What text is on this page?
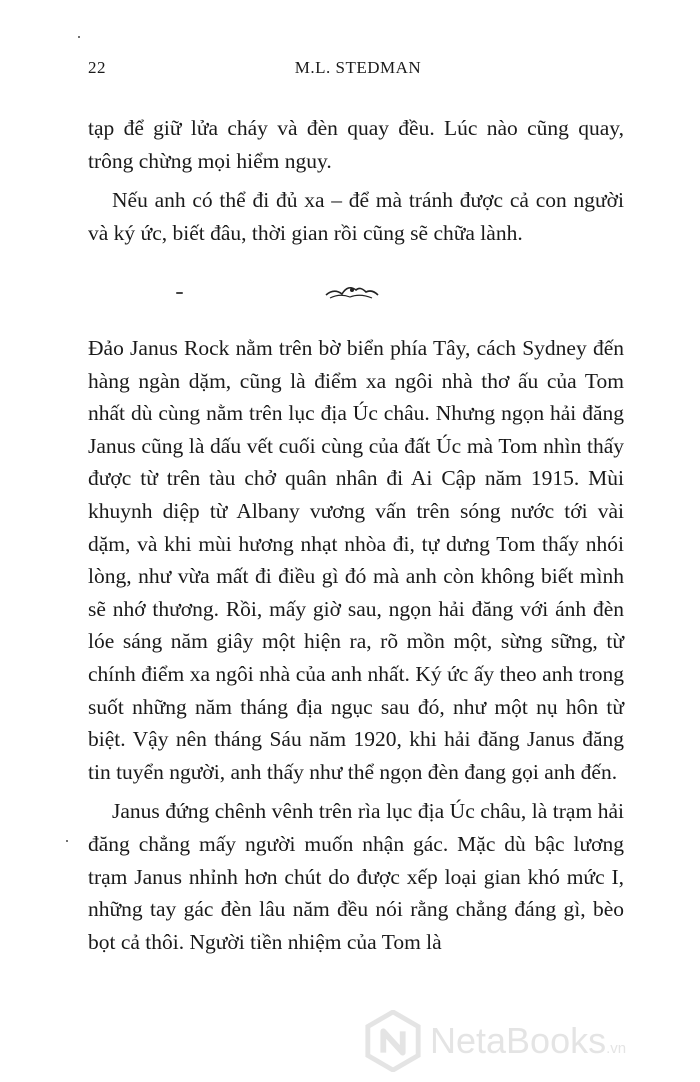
22	M.L. STEDMAN

tạp để giữ lửa cháy và đèn quay đều. Lúc nào cũng quay, trông chừng mọi hiểm nguy.

Nếu anh có thể đi đủ xa – để mà tránh được cả con người và ký ức, biết đâu, thời gian rồi cũng sẽ chữa lành.

Đảo Janus Rock nằm trên bờ biển phía Tây, cách Sydney đến hàng ngàn dặm, cũng là điểm xa ngôi nhà thơ ấu của Tom nhất dù cùng nằm trên lục địa Úc châu. Nhưng ngọn hải đăng Janus cũng là dấu vết cuối cùng của đất Úc mà Tom nhìn thấy được từ trên tàu chở quân nhân đi Ai Cập năm 1915. Mùi khuynh diệp từ Albany vương vấn trên sóng nước tới vài dặm, và khi mùi hương nhạt nhòa đi, tự dưng Tom thấy nhói lòng, như vừa mất đi điều gì đó mà anh còn không biết mình sẽ nhớ thương. Rồi, mấy giờ sau, ngọn hải đăng với ánh đèn lóe sáng năm giây một hiện ra, rõ mồn một, sừng sững, từ chính điểm xa ngôi nhà của anh nhất. Ký ức ấy theo anh trong suốt những năm tháng địa ngục sau đó, như một nụ hôn từ biệt. Vậy nên tháng Sáu năm 1920, khi hải đăng Janus đăng tin tuyển người, anh thấy như thể ngọn đèn đang gọi anh đến.

Janus đứng chênh vênh trên rìa lục địa Úc châu, là trạm hải đăng chẳng mấy người muốn nhận gác. Mặc dù bậc lương trạm Janus nhỉnh hơn chút do được xếp loại gian khó mức I, những tay gác đèn lâu năm đều nói rằng chẳng đáng gì, bèo bọt cả thôi. Người tiền nhiệm của Tom là

NetaBooks.vn
